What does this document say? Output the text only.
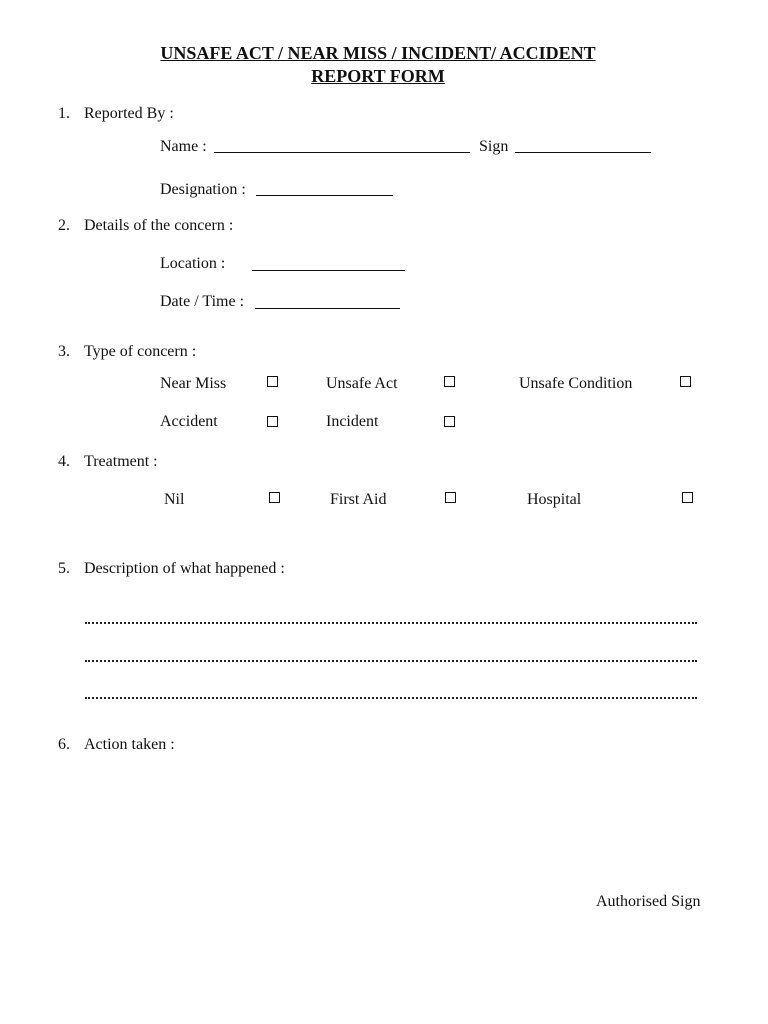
UNSAFE ACT / NEAR MISS / INCIDENT/ ACCIDENT
REPORT FORM
1. Reported By :
Name :	Sign
Designation :
2. Details of the concern :
Location :
Date / Time :
3. Type of concern :
Near Miss	Unsafe Act	Unsafe Condition
Accident	Incident
4. Treatment :
Nil	First Aid	Hospital
5. Description of what happened :
6. Action taken :
Authorised Sign
